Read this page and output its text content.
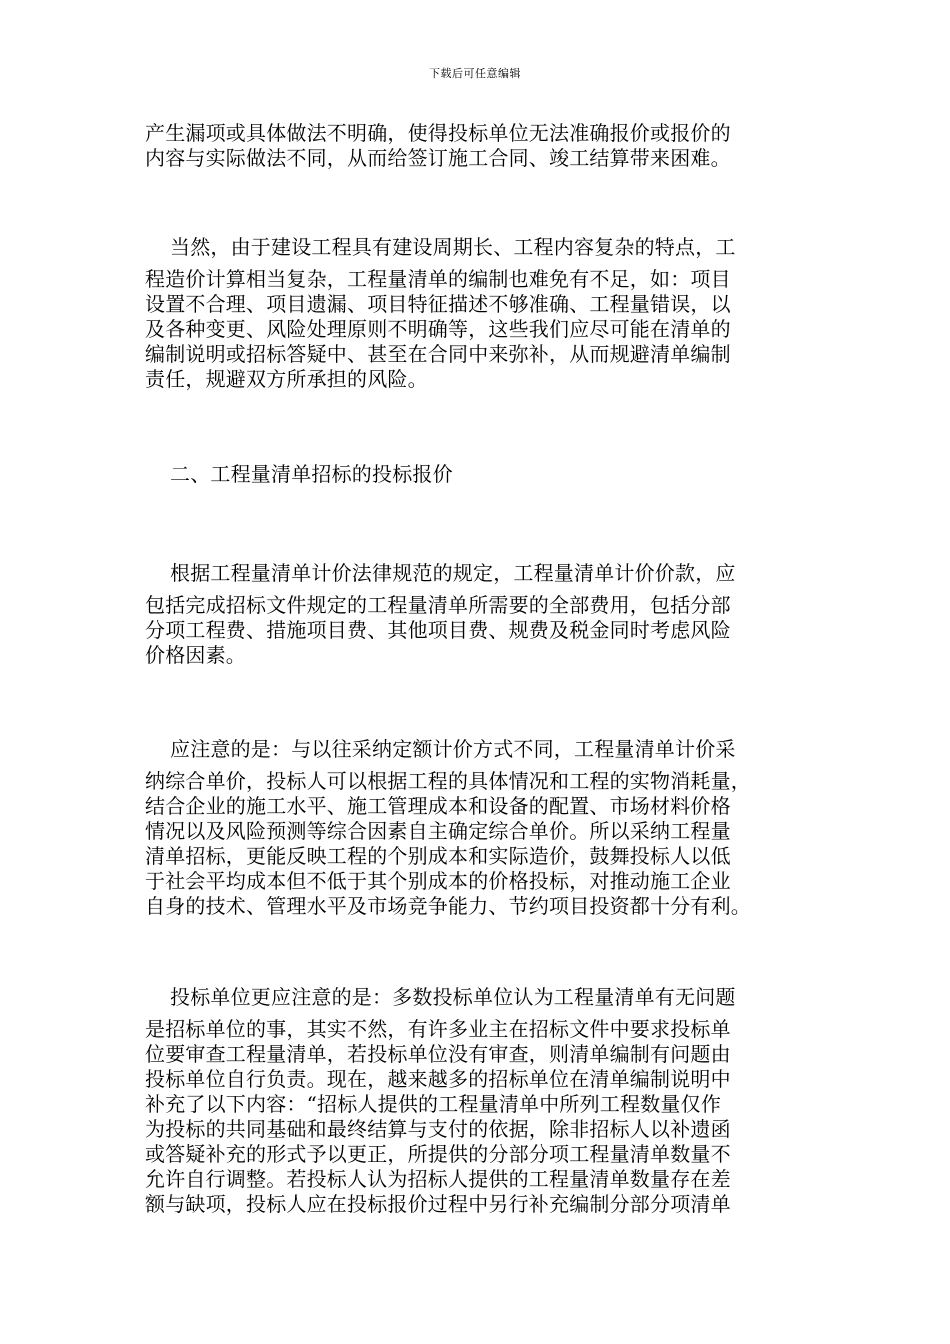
下载后可任意编辑
产生漏项或具体做法不明确，使得投标单位无法准确报价或报价的
内容与实际做法不同，从而给签订施工合同、竣工结算带来困难。
当然，由于建设工程具有建设周期长、工程内容复杂的特点，工
程造价计算相当复杂，工程量清单的编制也难免有不足，如：项目
设置不合理、项目遗漏、项目特征描述不够准确、工程量错误，以
及各种变更、风险处理原则不明确等，这些我们应尽可能在清单的
编制说明或招标答疑中、甚至在合同中来弥补，从而规避清单编制
责任，规避双方所承担的风险。
二、工程量清单招标的投标报价
根据工程量清单计价法律规范的规定，工程量清单计价价款，应
包括完成招标文件规定的工程量清单所需要的全部费用，包括分部
分项工程费、措施项目费、其他项目费、规费及税金同时考虑风险
价格因素。
应注意的是：与以往采纳定额计价方式不同，工程量清单计价采
纳综合单价，投标人可以根据工程的具体情况和工程的实物消耗量，
结合企业的施工水平、施工管理成本和设备的配置、市场材料价格
情况以及风险预测等综合因素自主确定综合单价。所以采纳工程量
清单招标，更能反映工程的个别成本和实际造价，鼓舞投标人以低
于社会平均成本但不低于其个别成本的价格投标，对推动施工企业
自身的技术、管理水平及市场竞争能力、节约项目投资都十分有利。
投标单位更应注意的是：多数投标单位认为工程量清单有无问题
是招标单位的事，其实不然，有许多业主在招标文件中要求投标单
位要审查工程量清单，若投标单位没有审查，则清单编制有问题由
投标单位自行负责。现在，越来越多的招标单位在清单编制说明中
补充了以下内容：“招标人提供的工程量清单中所列工程数量仅作
为投标的共同基础和最终结算与支付的依据，除非招标人以补遗函
或答疑补充的形式予以更正，所提供的分部分项工程量清单数量不
允许自行调整。若投标人认为招标人提供的工程量清单数量存在差
额与缺项，投标人应在投标报价过程中另行补充编制分部分项清单
